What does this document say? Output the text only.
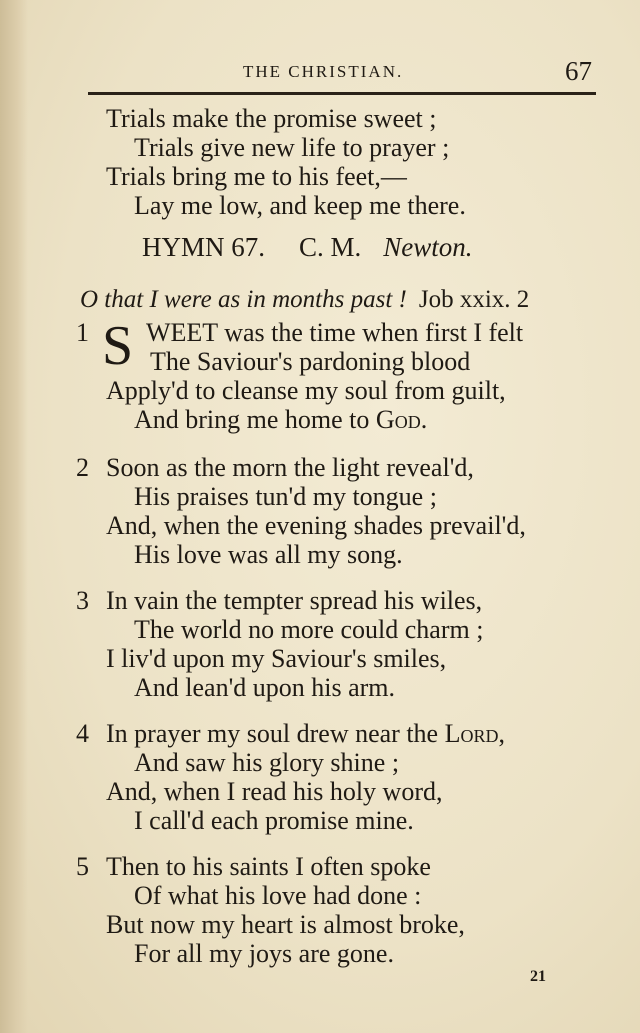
THE CHRISTIAN.	67
Trials make the promise sweet ;
Trials give new life to prayer ;
Trials bring me to his feet,—
Lay me low, and keep me there.
HYMN 67. C. M. Newton.
O that I were as in months past ! Job xxix. 2
1 S WEET was the time when first I felt
The Saviour's pardoning blood
Apply'd to cleanse my soul from guilt,
And bring me home to God.
2 Soon as the morn the light reveal'd,
His praises tun'd my tongue ;
And, when the evening shades prevail'd,
His love was all my song.
3 In vain the tempter spread his wiles,
The world no more could charm ;
I liv'd upon my Saviour's smiles,
And lean'd upon his arm.
4 In prayer my soul drew near the Lord,
And saw his glory shine ;
And, when I read his holy word,
I call'd each promise mine.
5 Then to his saints I often spoke
Of what his love had done :
But now my heart is almost broke,
For all my joys are gone.
21
